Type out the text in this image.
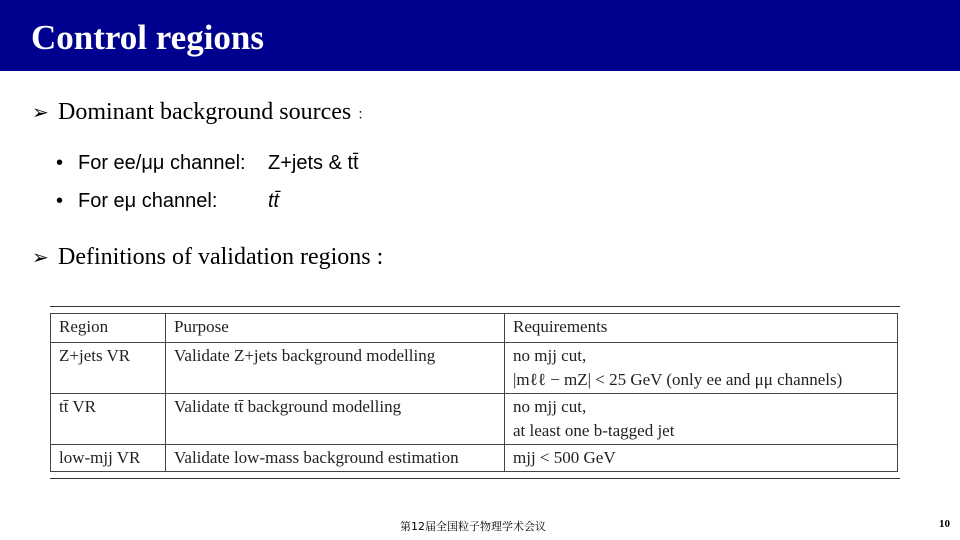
Control regions
➢ Dominant background sources ：
• For ee/μμ channel: Z+jets & tt̄
• For eμ channel:	tt̄
➢ Definitions of validation regions :
Region	Purpose	Requirements
Z+jets VR	Validate Z+jets background modelling	no mjj cut,
|mℓℓ − mZ| < 25 GeV (only ee and μμ channels)

tt̄ VR	Validate tt̄ background modelling	no mjj cut,
at least one b-tagged jet

low-mjj VR	Validate low-mass background estimation	mjj < 500 GeV
第12届全国粒子物理学术会议	10
